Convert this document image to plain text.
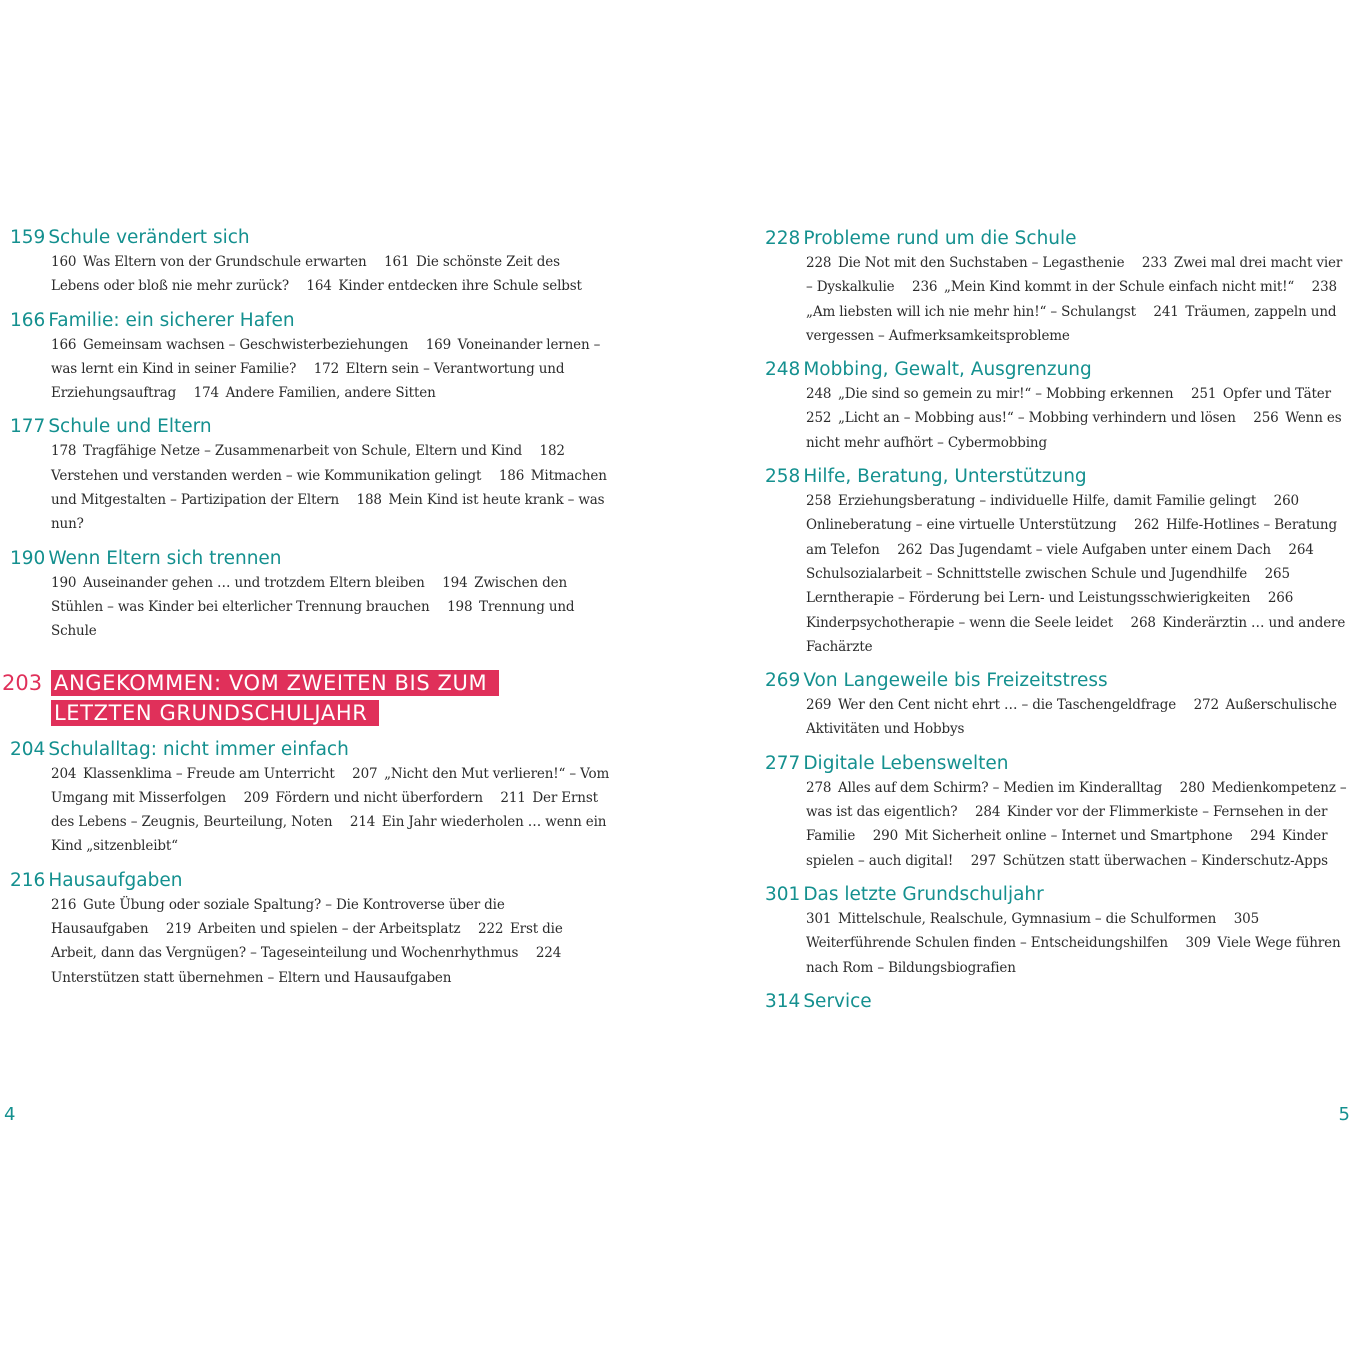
159 Schule verändert sich
160  Was Eltern von der Grundschule erwarten  161  Die schönste Zeit des Lebens oder bloß nie mehr zurück?  164  Kinder entdecken ihre Schule selbst
166 Familie: ein sicherer Hafen
166  Gemeinsam wachsen – Geschwisterbeziehungen  169  Voneinander lernen – was lernt ein Kind in seiner Familie?  172  Eltern sein – Verantwortung und Erziehungsauftrag  174  Andere Familien, andere Sitten
177 Schule und Eltern
178  Tragfähige Netze – Zusammenarbeit von Schule, Eltern und Kind  182 Verstehen und verstanden werden – wie Kommunikation gelingt  186  Mitmachen und Mitgestalten – Partizipation der Eltern  188  Mein Kind ist heute krank – was nun?
190 Wenn Eltern sich trennen
190  Auseinander gehen … und trotzdem Eltern bleiben  194  Zwischen den Stühlen – was Kinder bei elterlicher Trennung brauchen  198  Trennung und Schule
203 ANGEKOMMEN: VOM ZWEITEN BIS ZUM
LETZTEN GRUNDSCHULJAHR
204 Schulalltag: nicht immer einfach
204  Klassenklima – Freude am Unterricht  207  „Nicht den Mut verlieren!“ – Vom Umgang mit Misserfolgen  209  Fördern und nicht überfordern  211  Der Ernst des Lebens – Zeugnis, Beurteilung, Noten  214  Ein Jahr wiederholen … wenn ein Kind „sitzenbleibt“
216 Hausaufgaben
216  Gute Übung oder soziale Spaltung? – Die Kontroverse über die Hausaufgaben  219  Arbeiten und spielen – der Arbeitsplatz  222  Erst die Arbeit, dann das Vergnügen? – Tageseinteilung und Wochenrhythmus  224 Unterstützen statt übernehmen – Eltern und Hausaufgaben
228 Probleme rund um die Schule
228  Die Not mit den Suchstaben – Legasthenie  233  Zwei mal drei macht vier – Dyskalkulie  236  „Mein Kind kommt in der Schule einfach nicht mit!“  238 „Am liebsten will ich nie mehr hin!“ – Schulangst  241  Träumen, zappeln und vergessen – Aufmerksamkeitsprobleme
248 Mobbing, Gewalt, Ausgrenzung
248  „Die sind so gemein zu mir!“ – Mobbing erkennen  251  Opfer und Täter  252  „Licht an – Mobbing aus!“ – Mobbing verhindern und lösen  256  Wenn es nicht mehr aufhört – Cybermobbing
258 Hilfe, Beratung, Unterstützung
258  Erziehungsberatung – individuelle Hilfe, damit Familie gelingt  260 Onlineberatung – eine virtuelle Unterstützung  262  Hilfe-Hotlines – Beratung am Telefon  262  Das Jugendamt – viele Aufgaben unter einem Dach  264 Schulsozialarbeit – Schnittstelle zwischen Schule und Jugendhilfe  265 Lerntherapie – Förderung bei Lern- und Leistungsschwierigkeiten  266 Kinderpsychotherapie – wenn die Seele leidet  268  Kinderärztin … und andere Fachärzte
269 Von Langeweile bis Freizeitstress
269  Wer den Cent nicht ehrt … – die Taschengeldfrage  272  Außerschulische Aktivitäten und Hobbys
277 Digitale Lebenswelten
278  Alles auf dem Schirm? – Medien im Kinderalltag  280  Medienkompetenz – was ist das eigentlich?  284  Kinder vor der Flimmerkiste – Fernsehen in der Familie  290  Mit Sicherheit online – Internet und Smartphone  294  Kinder spielen – auch digital!  297  Schützen statt überwachen – Kinderschutz-Apps
301 Das letzte Grundschuljahr
301  Mittelschule, Realschule, Gymnasium – die Schulformen  305 Weiterführende Schulen finden – Entscheidungshilfen  309  Viele Wege führen nach Rom – Bildungsbiografien
314 Service
4	5
